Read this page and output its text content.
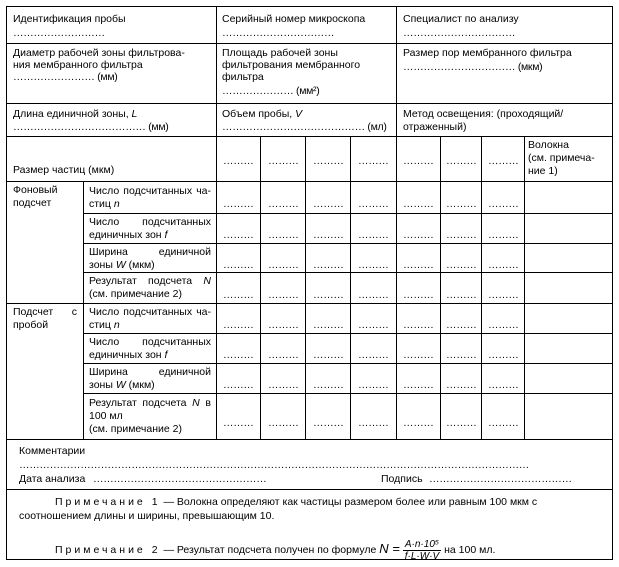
Идентификация пробы
………………………
Серийный номер микроскопа
……………………………
Специалист по анализу
……………………………
Диаметр рабочей зоны фильтрова-
ния мембранного фильтра
…………………… (мм)
Площадь рабочей зоны
фильтрования мембранного
фильтра
………………… (мм²)
Размер пор мембранного фильтра
…………………………… (мкм)
Длина единичной зоны, L
………………………………… (мм)
Объем пробы, V
…………………………………… (мл)
Метод освещения: (проходящий/
отраженный)
Размер частиц (мкм)
……… ……… ……… ……… ……… ……… ………
Волокна
(см. примеча-
ние 1)
Фоновый
подсчет
Подсчет с
пробой
Число подсчитанных ча-
стиц n
Число подсчитанных
единичных зон f
Ширина единичной
зоны W (мкм)
Результат подсчета N
(см. примечание 2)
Число подсчитанных ча-
стиц n
Число подсчитанных
единичных зон f
Ширина единичной
зоны W (мкм)
Результат подсчета N в
100 мл
(см. примечание 2)
……… ……… ……… ……… ……… ……… ………
……… ……… ……… ……… ……… ……… ………
……… ……… ……… ……… ……… ……… ………
……… ……… ……… ……… ……… ……… ………
……… ……… ……… ……… ……… ……… ………
……… ……… ……… ……… ……… ……… ………
……… ……… ……… ……… ……… ……… ………
……… ……… ……… ……… ……… ……… ………
Комментарии
……………………………………………………………………………………………………………………………………
Дата анализа ……………………………………………	Подпись ……………………………………
Примечание 1 — Волокна определяют как частицы размером более или равным 100 мкм с
соотношением длины и ширины, превышающим 10.
Примечание 2 — Результат подсчета получен по формуле $N = \frac{\text{A·n·10⁵}}{f\cdot L\cdot W\cdot V}$ на 100 мл.
